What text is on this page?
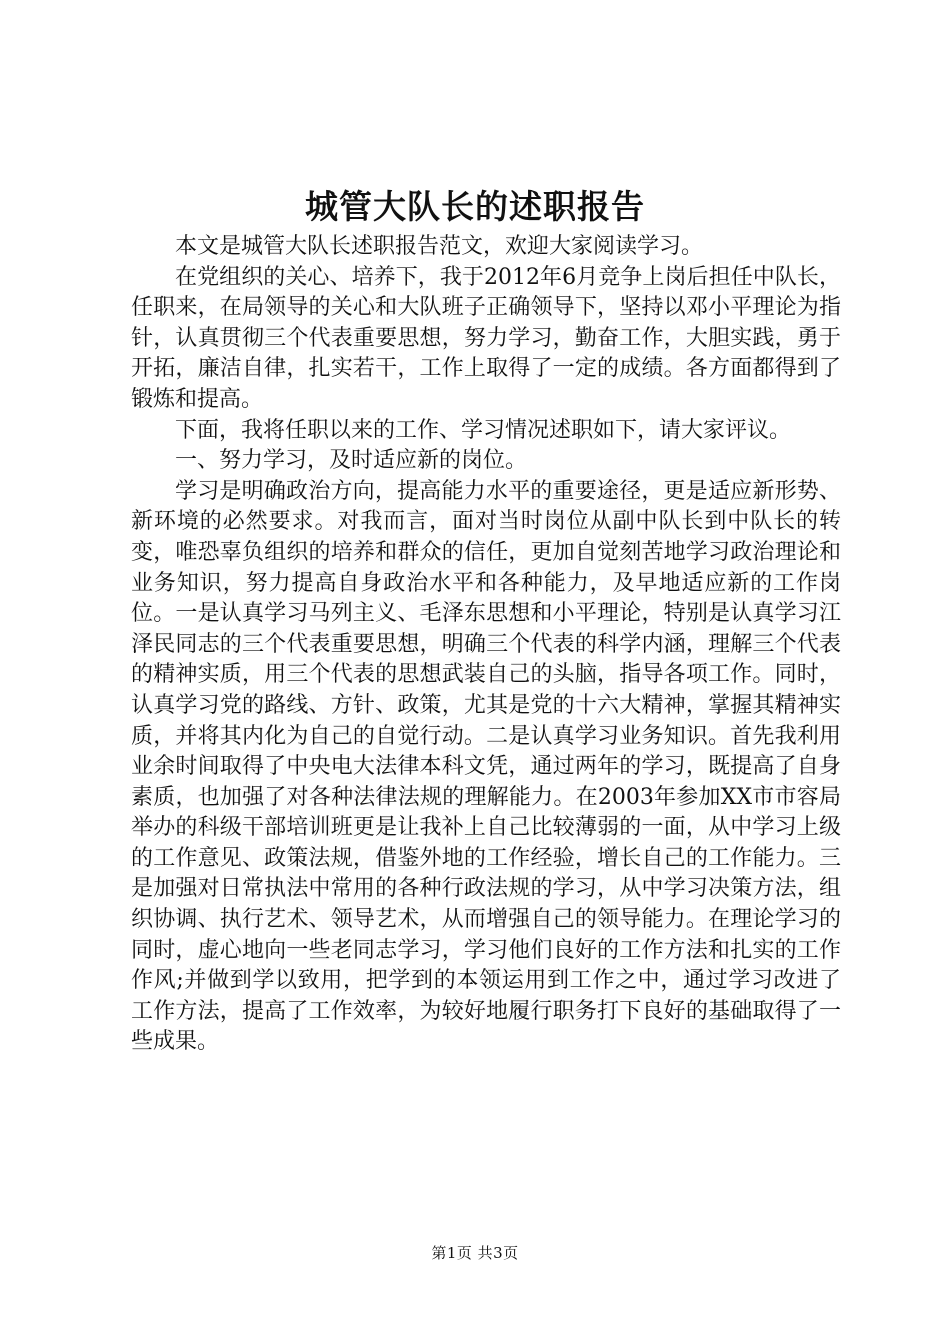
城管大队长的述职报告

本文是城管大队长述职报告范文，欢迎大家阅读学习。

在党组织的关心、培养下，我于2012年6月竞争上岗后担任中队长，任职来，在局领导的关心和大队班子正确领导下，坚持以邓小平理论为指针，认真贯彻三个代表重要思想，努力学习，勤奋工作，大胆实践，勇于开拓，廉洁自律，扎实若干，工作上取得了一定的成绩。各方面都得到了锻炼和提高。

下面，我将任职以来的工作、学习情况述职如下，请大家评议。

一、努力学习，及时适应新的岗位。

学习是明确政治方向，提高能力水平的重要途径，更是适应新形势、新环境的必然要求。对我而言，面对当时岗位从副中队长到中队长的转变，唯恐辜负组织的培养和群众的信任，更加自觉刻苦地学习政治理论和业务知识，努力提高自身政治水平和各种能力，及早地适应新的工作岗位。一是认真学习马列主义、毛泽东思想和小平理论，特别是认真学习江泽民同志的三个代表重要思想，明确三个代表的科学内涵，理解三个代表的精神实质，用三个代表的思想武装自己的头脑，指导各项工作。同时，认真学习党的路线、方针、政策，尤其是党的十六大精神，掌握其精神实质，并将其内化为自己的自觉行动。二是认真学习业务知识。首先我利用业余时间取得了中央电大法律本科文凭，通过两年的学习，既提高了自身素质，也加强了对各种法律法规的理解能力。在2003年参加XX市市容局举办的科级干部培训班更是让我补上自己比较薄弱的一面，从中学习上级的工作意见、政策法规，借鉴外地的工作经验，增长自己的工作能力。三是加强对日常执法中常用的各种行政法规的学习，从中学习决策方法，组织协调、执行艺术、领导艺术，从而增强自己的领导能力。在理论学习的同时，虚心地向一些老同志学习，学习他们良好的工作方法和扎实的工作作风;并做到学以致用，把学到的本领运用到工作之中，通过学习改进了工作方法，提高了工作效率，为较好地履行职务打下良好的基础取得了一些成果。

第1页 共3页
